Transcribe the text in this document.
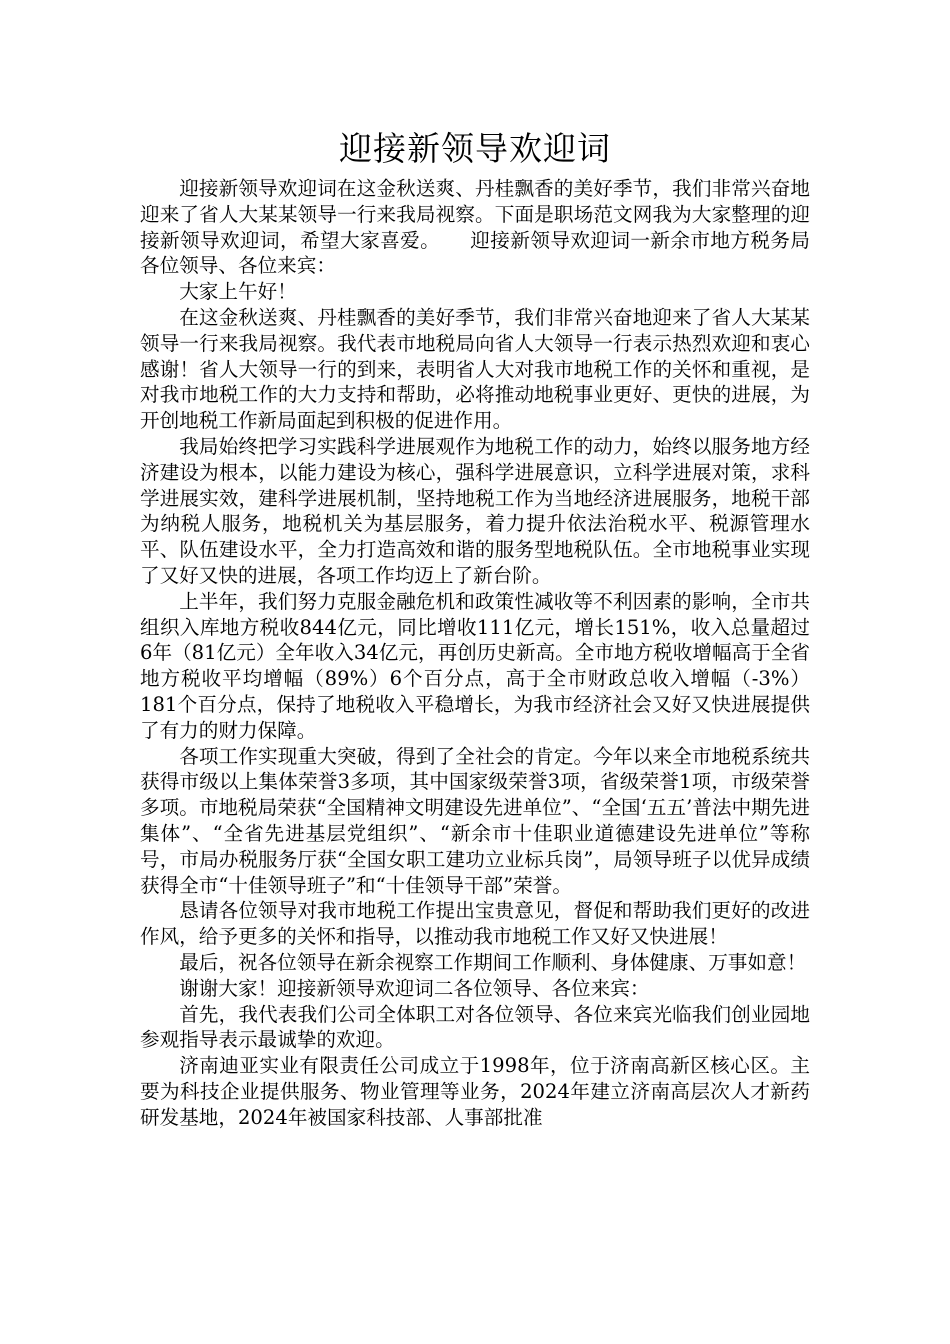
迎接新领导欢迎词

迎接新领导欢迎词在这金秋送爽、丹桂飘香的美好季节，我们非常兴奋地迎来了省人大某某领导一行来我局视察。下面是职场范文网我为大家整理的迎接新领导欢迎词，希望大家喜爱。　　迎接新领导欢迎词一新余市地方税务局 各位领导、各位来宾：

大家上午好！

在这金秋送爽、丹桂飘香的美好季节，我们非常兴奋地迎来了省人大某某领导一行来我局视察。我代表市地税局向省人大领导一行表示热烈欢迎和衷心感谢！省人大领导一行的到来，表明省人大对我市地税工作的关怀和重视，是对我市地税工作的大力支持和帮助，必将推动地税事业更好、更快的进展，为开创地税工作新局面起到积极的促进作用。

我局始终把学习实践科学进展观作为地税工作的动力，始终以服务地方经济建设为根本，以能力建设为核心，强科学进展意识，立科学进展对策，求科学进展实效，建科学进展机制，坚持地税工作为当地经济进展服务，地税干部为纳税人服务，地税机关为基层服务，着力提升依法治税水平、税源管理水平、队伍建设水平，全力打造高效和谐的服务型地税队伍。全市地税事业实现了又好又快的进展，各项工作均迈上了新台阶。

上半年，我们努力克服金融危机和政策性减收等不利因素的影响，全市共组织入库地方税收844亿元，同比增收111亿元，增长151%，收入总量超过6年（81亿元）全年收入34亿元，再创历史新高。全市地方税收增幅高于全省地方税收平均增幅（89%）6个百分点，高于全市财政总收入增幅（-3%）181个百分点，保持了地税收入平稳增长，为我市经济社会又好又快进展提供了有力的财力保障。

各项工作实现重大突破，得到了全社会的肯定。今年以来全市地税系统共获得市级以上集体荣誉3多项，其中国家级荣誉3项，省级荣誉1项，市级荣誉多项。市地税局荣获“全国精神文明建设先进单位”、“全国‘五五’普法中期先进集体”、“全省先进基层党组织”、“新余市十佳职业道德建设先进单位”等称号，市局办税服务厅获“全国女职工建功立业标兵岗”，局领导班子以优异成绩获得全市“十佳领导班子”和“十佳领导干部”荣誉。

恳请各位领导对我市地税工作提出宝贵意见，督促和帮助我们更好的改进作风，给予更多的关怀和指导，以推动我市地税工作又好又快进展！

最后，祝各位领导在新余视察工作期间工作顺利、身体健康、万事如意！

谢谢大家！迎接新领导欢迎词二各位领导、各位来宾：

首先，我代表我们公司全体职工对各位领导、各位来宾光临我们创业园地参观指导表示最诚挚的欢迎。

济南迪亚实业有限责任公司成立于1998年，位于济南高新区核心区。主要为科技企业提供服务、物业管理等业务，2024年建立济南高层次人才新药研发基地，2024年被国家科技部、人事部批准
